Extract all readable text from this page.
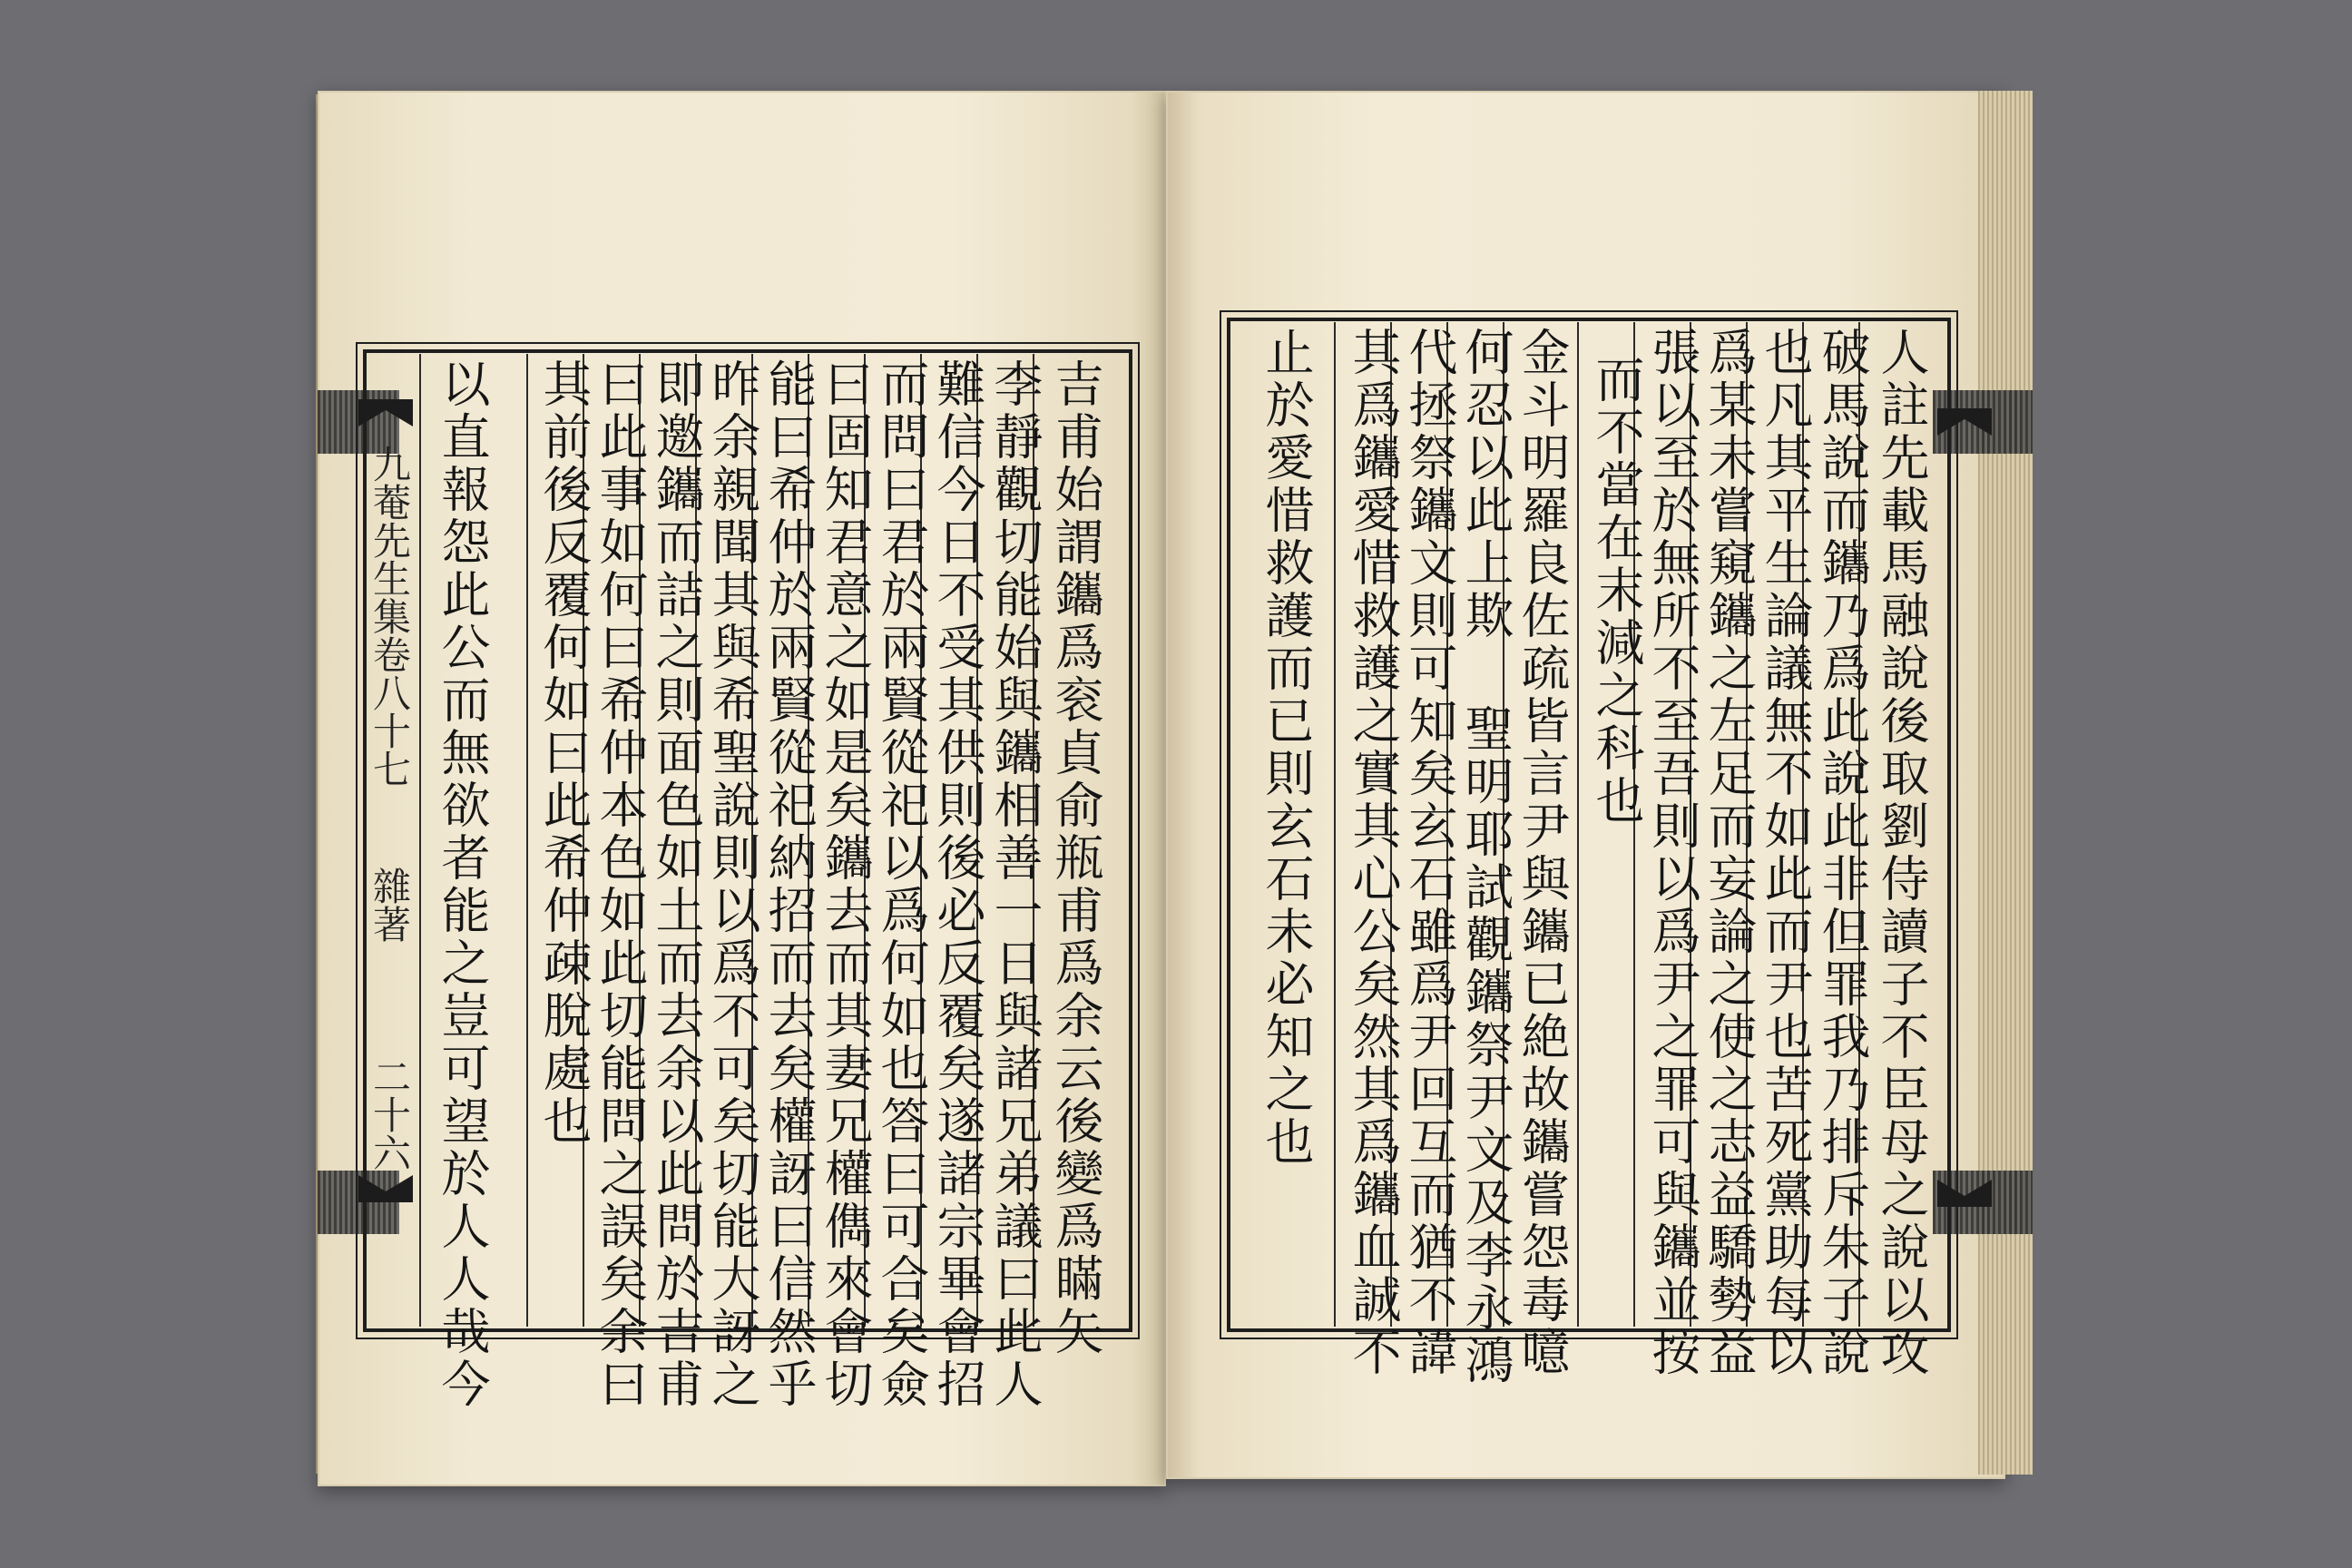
九菴先生集卷八十七
雜著
二十六	吉甫始謂鑴爲衮貞俞瓶甫爲余云後變爲瞞矢
李靜觀切能始與鑴相善一日與諸兄弟議曰此人
難信今日不受其供則後必反覆矣遂諸宗畢會招
而問曰君於兩賢從祀以爲何如也答曰可合矣僉
曰固知君意之如是矣鑴去而其妻兄權儁來會切
能曰希仲於兩賢從祀納招而去矣權訝曰信然乎
昨余親聞其與希聖說則以爲不可矣切能大訝之
即邀鑴而詰之則面色如土而去余以此問於吉甫
曰此事如何曰希仲本色如此切能問之誤矣余曰
其前後反覆何如曰此希仲疎脫處也
以直報怨此公而無欲者能之豈可望於人人哉今	人註先載馬融說後取劉侍讀子不臣母之說以攻
破馬說而鑴乃爲此說此非但罪我乃排斥朱子說
也凡其平生論議無不如此而尹也苦死黨助每以
爲某未嘗窺鑴之左足而妄論之使之志益驕勢益
張以至於無所不至吾則以爲尹之罪可與鑴並按
而不當在末減之科也
金斗明羅良佐疏皆言尹與鑴已絶故鑴嘗怨毒噫
何忍以此上欺 聖明耶試觀鑴祭尹文及李永鴻
代拯祭鑴文則可知矣玄石雖爲尹回互而猶不諱
其爲鑴愛惜救護之實其心公矣然其爲鑴血誠不
止於愛惜救護而已則玄石未必知之也
